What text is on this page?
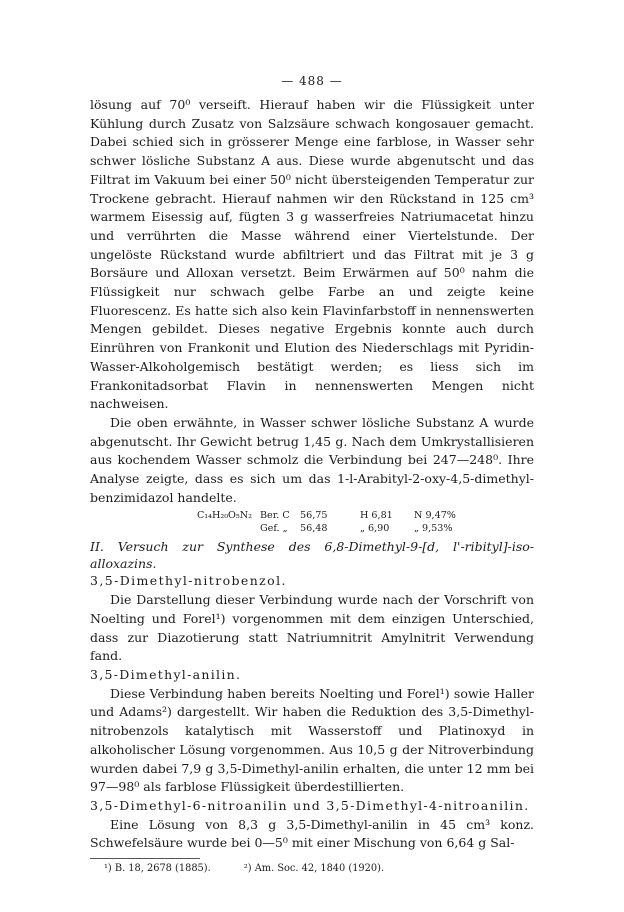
— 488 —

lösung auf 70⁰ verseift. Hierauf haben wir die Flüssigkeit unter Kühlung durch Zusatz von Salzsäure schwach kongosauer gemacht. Dabei schied sich in grösserer Menge eine farblose, in Wasser sehr schwer lösliche Substanz A aus. Diese wurde abgenutscht und das Filtrat im Vakuum bei einer 50⁰ nicht übersteigenden Temperatur zur Trockene gebracht. Hierauf nahmen wir den Rückstand in 125 cm³ warmem Eisessig auf, fügten 3 g wasserfreies Natriumacetat hinzu und verrührten die Masse während einer Viertelstunde. Der ungelöste Rückstand wurde abfiltriert und das Filtrat mit je 3 g Borsäure und Alloxan versetzt. Beim Erwärmen auf 50⁰ nahm die Flüssigkeit nur schwach gelbe Farbe an und zeigte keine Fluorescenz. Es hatte sich also kein Flavinfarbstoff in nennenswerten Mengen gebildet. Dieses negative Ergebnis konnte auch durch Einrühren von Frankonit und Elution des Niederschlags mit Pyridin-Wasser-Alkoholgemisch bestätigt werden; es liess sich im Frankonitadsorbat Flavin in nennenswerten Mengen nicht nachweisen.

Die oben erwähnte, in Wasser schwer lösliche Substanz A wurde abgenutscht. Ihr Gewicht betrug 1,45 g. Nach dem Umkrystallisieren aus kochendem Wasser schmolz die Verbindung bei 247—248⁰. Ihre Analyse zeigte, dass es sich um das 1-l-Arabityl-2-oxy-4,5-dimethyl-benzimidazol handelte.

C₁₄H₂₀O₅N₂ Ber. C	56,75	H 6,81	N 9,47%
Gef. „	56,48	„ 6,90	„ 9,53%

II. Versuch zur Synthese des 6,8-Dimethyl-9-[d, l'-ribityl]-iso-alloxazins.

3,5-Dimethyl-nitrobenzol.

Die Darstellung dieser Verbindung wurde nach der Vorschrift von Noelting und Forel¹) vorgenommen mit dem einzigen Unterschied, dass zur Diazotierung statt Natriumnitrit Amylnitrit Verwendung fand.

3,5-Dimethyl-anilin.

Diese Verbindung haben bereits Noelting und Forel¹) sowie Haller und Adams²) dargestellt. Wir haben die Reduktion des 3,5-Dimethyl-nitrobenzols katalytisch mit Wasserstoff und Platinoxyd in alkoholischer Lösung vorgenommen. Aus 10,5 g der Nitroverbindung wurden dabei 7,9 g 3,5-Dimethyl-anilin erhalten, die unter 12 mm bei 97—98⁰ als farblose Flüssigkeit überdestillierten.

3,5-Dimethyl-6-nitroanilin und 3,5-Dimethyl-4-nitroanilin.

Eine Lösung von 8,3 g 3,5-Dimethyl-anilin in 45 cm³ konz. Schwefelsäure wurde bei 0—5⁰ mit einer Mischung von 6,64 g Sal-

¹) B. 18, 2678 (1885).	²) Am. Soc. 42, 1840 (1920).
